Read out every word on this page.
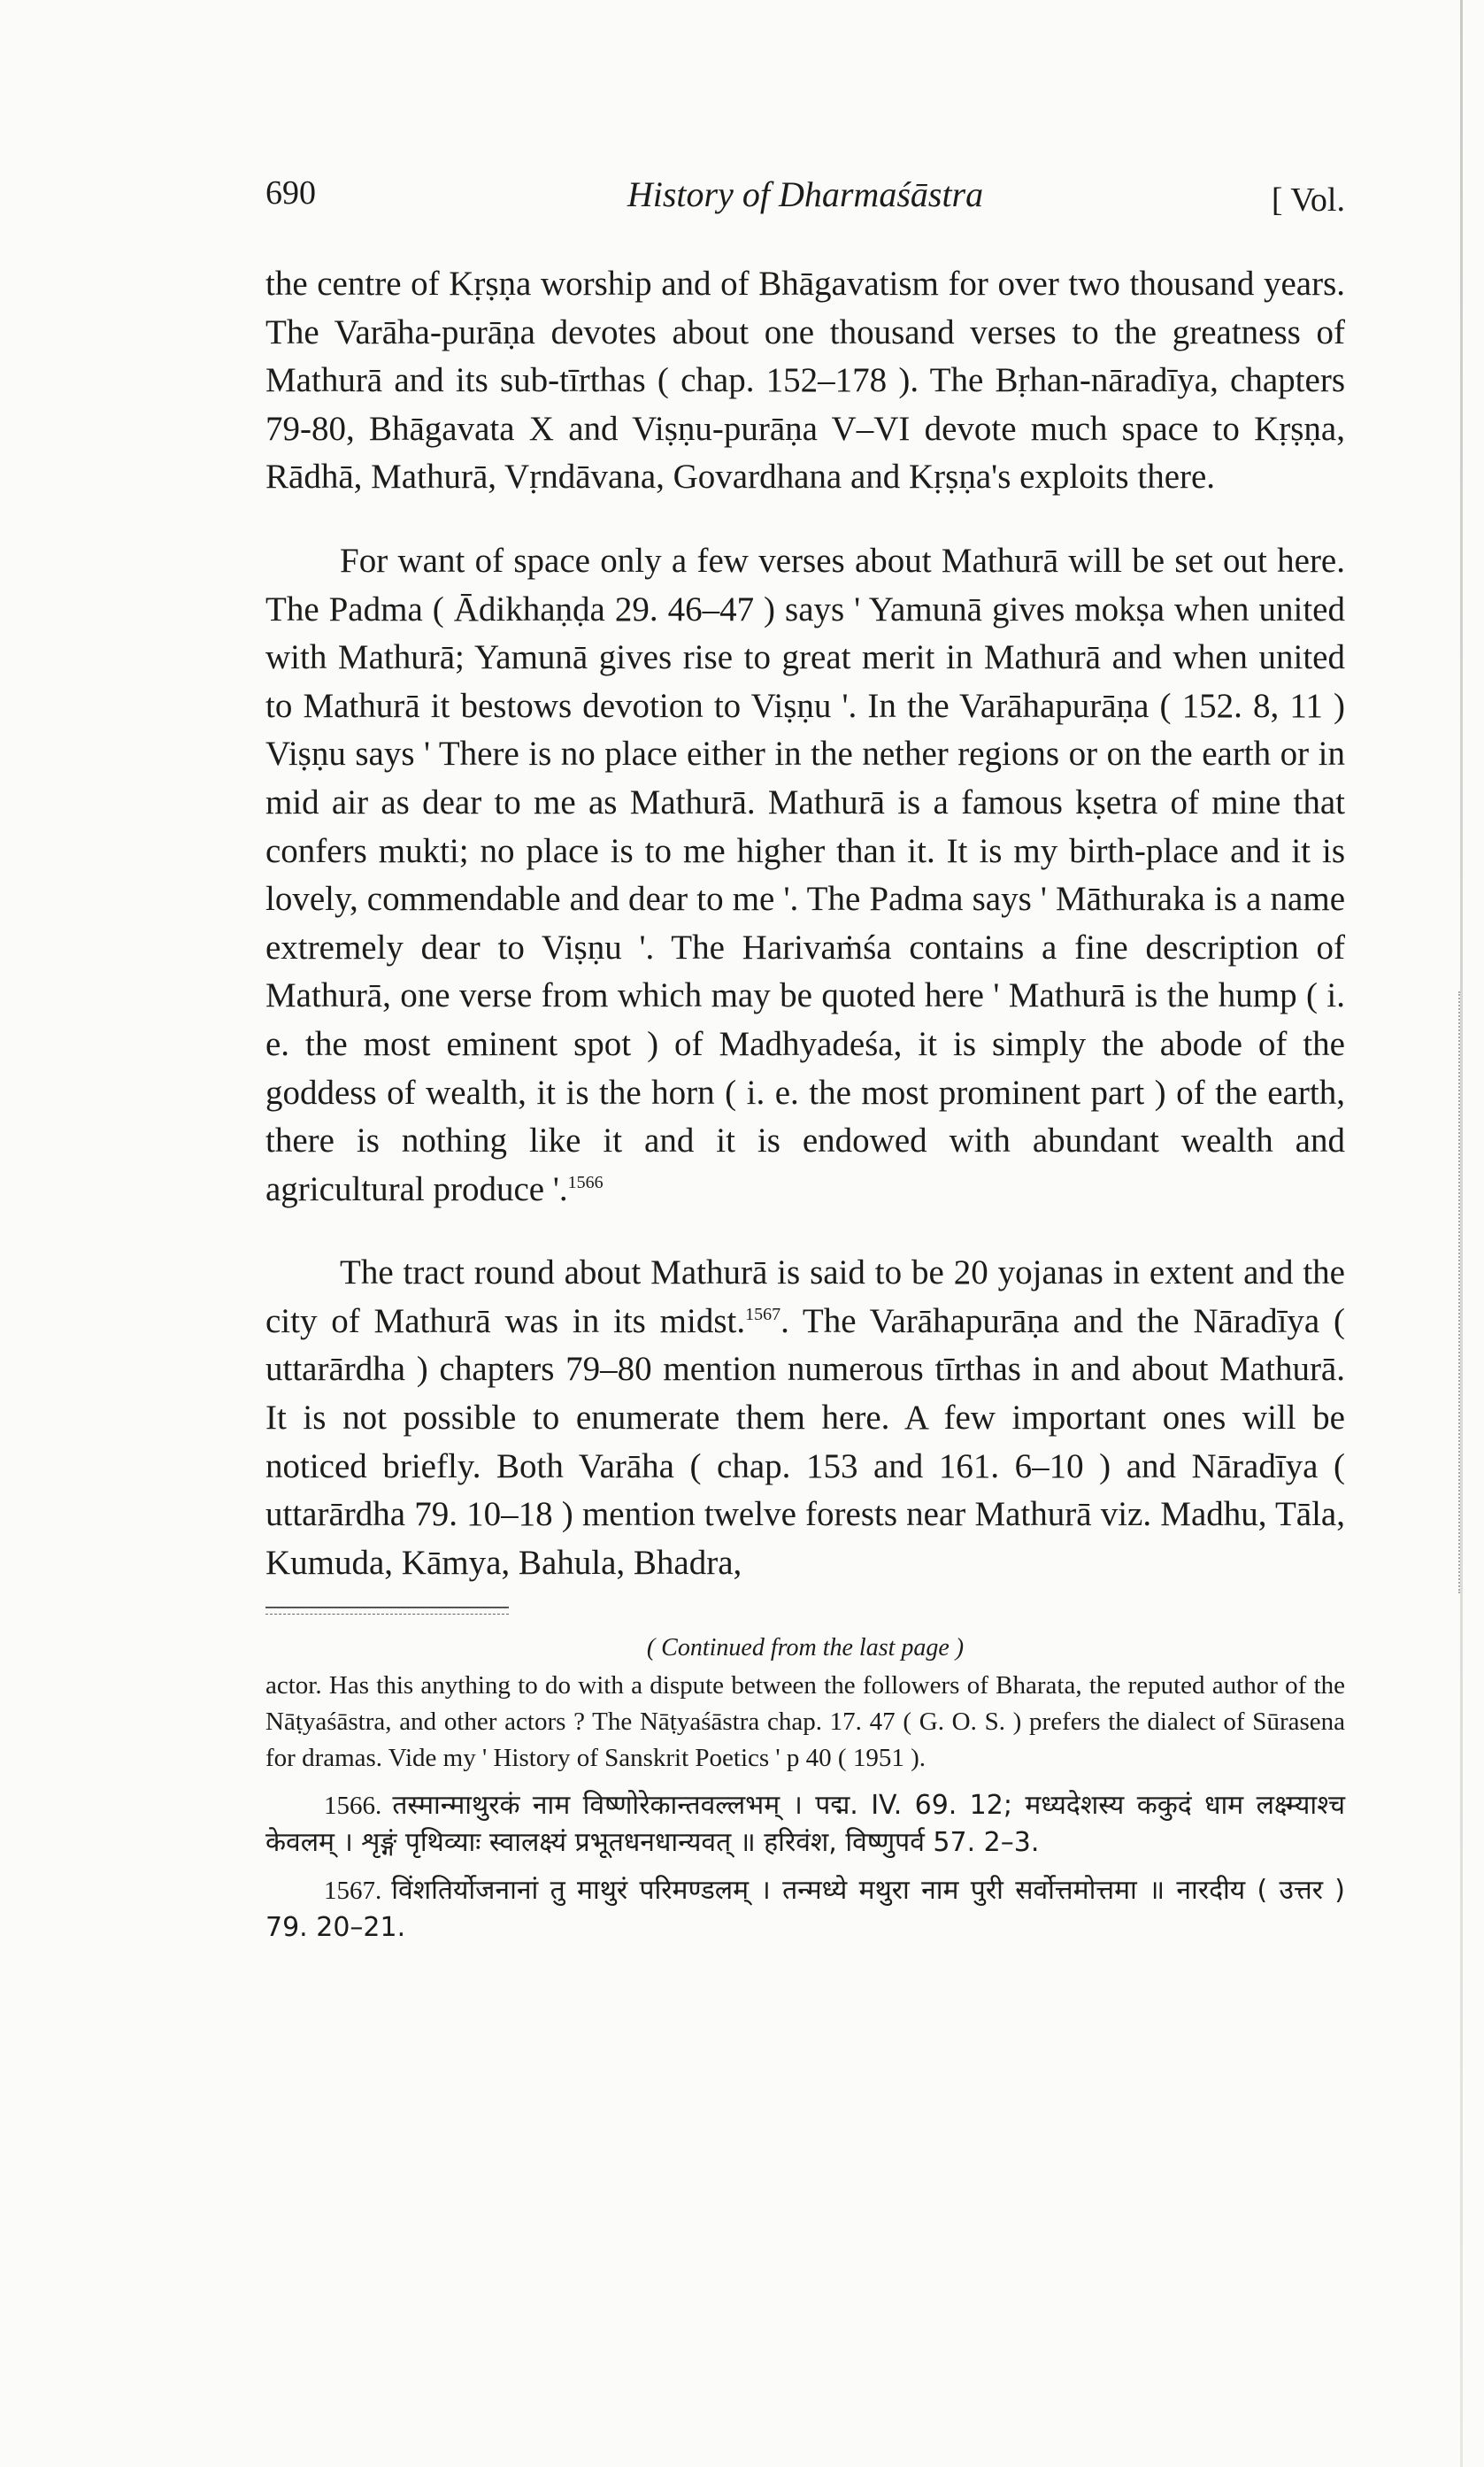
690	History of Dharmaśāstra	[ Vol.

the centre of Kṛṣṇa worship and of Bhāgavatism for over two thousand years. The Varāha-purāṇa devotes about one thousand verses to the greatness of Mathurā and its sub-tīrthas ( chap. 152–178 ). The Bṛhan-nāradīya, chapters 79-80, Bhāgavata X and Viṣṇu-purāṇa V–VI devote much space to Kṛṣṇa, Rādhā, Mathurā, Vṛndāvana, Govardhana and Kṛṣṇa's exploits there.

For want of space only a few verses about Mathurā will be set out here. The Padma ( Ādikhaṇḍa 29. 46–47 ) says ' Yamunā gives mokṣa when united with Mathurā; Yamunā gives rise to great merit in Mathurā and when united to Mathurā it bestows devotion to Viṣṇu '. In the Varāhapurāṇa ( 152. 8, 11 ) Viṣṇu says ' There is no place either in the nether regions or on the earth or in mid air as dear to me as Mathurā. Mathurā is a famous kṣetra of mine that confers mukti; no place is to me higher than it. It is my birth-place and it is lovely, commendable and dear to me '. The Padma says ' Māthuraka is a name extremely dear to Viṣṇu '. The Harivaṁśa contains a fine description of Mathurā, one verse from which may be quoted here ' Mathurā is the hump ( i. e. the most eminent spot ) of Madhyadeśa, it is simply the abode of the goddess of wealth, it is the horn ( i. e. the most prominent part ) of the earth, there is nothing like it and it is endowed with abundant wealth and agricultural produce '.$^{1566}$

The tract round about Mathurā is said to be 20 yojanas in extent and the city of Mathurā was in its midst.$^{1567}$. The Varāhapurāṇa and the Nāradīya ( uttarārdha ) chapters 79–80 mention numerous tīrthas in and about Mathurā. It is not possible to enumerate them here. A few important ones will be noticed briefly. Both Varāha ( chap. 153 and 161. 6–10 ) and Nāradīya ( uttarārdha 79. 10–18 ) mention twelve forests near Mathurā viz. Madhu, Tāla, Kumuda, Kāmya, Bahula, Bhadra,

( Continued from the last page )

actor. Has this anything to do with a dispute between the followers of Bharata, the reputed author of the Nāṭyaśāstra, and other actors ? The Nāṭyaśāstra chap. 17. 47 ( G. O. S. ) prefers the dialect of Sūrasena for dramas. Vide my ' History of Sanskrit Poetics ' p 40 ( 1951 ).

1566. तस्मान्माथुरकं नाम विष्णोरेकान्तवल्लभम् । पद्म. IV. 69. 12; मध्यदेशस्य ककुदं धाम लक्ष्म्याश्च केवलम् । शृङ्गं पृथिव्याः स्वालक्ष्यं प्रभूतधनधान्यवत् ॥ हरिवंश, विष्णुपर्व 57. 2–3.

1567. विंशतिर्योजनानां तु माथुरं परिमण्डलम् । तन्मध्ये मथुरा नाम पुरी सर्वोत्तमोत्तमा ॥ नारदीय ( उत्तर ) 79. 20–21.
